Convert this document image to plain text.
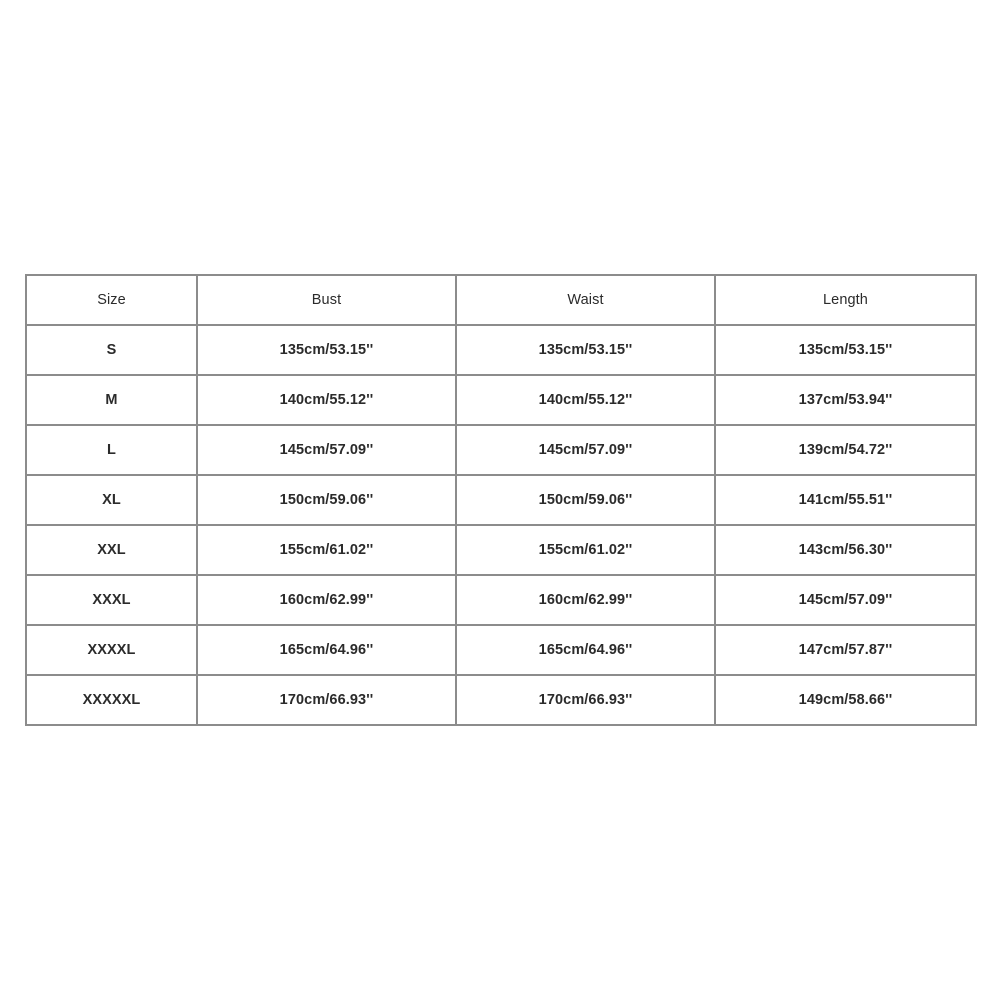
Size	Bust	Waist	Length
S	135cm/53.15''	135cm/53.15''	135cm/53.15''
M	140cm/55.12''	140cm/55.12''	137cm/53.94''
L	145cm/57.09''	145cm/57.09''	139cm/54.72''
XL	150cm/59.06''	150cm/59.06''	141cm/55.51''
XXL	155cm/61.02''	155cm/61.02''	143cm/56.30''
XXXL	160cm/62.99''	160cm/62.99''	145cm/57.09''
XXXXL	165cm/64.96''	165cm/64.96''	147cm/57.87''
XXXXXL	170cm/66.93''	170cm/66.93''	149cm/58.66''
